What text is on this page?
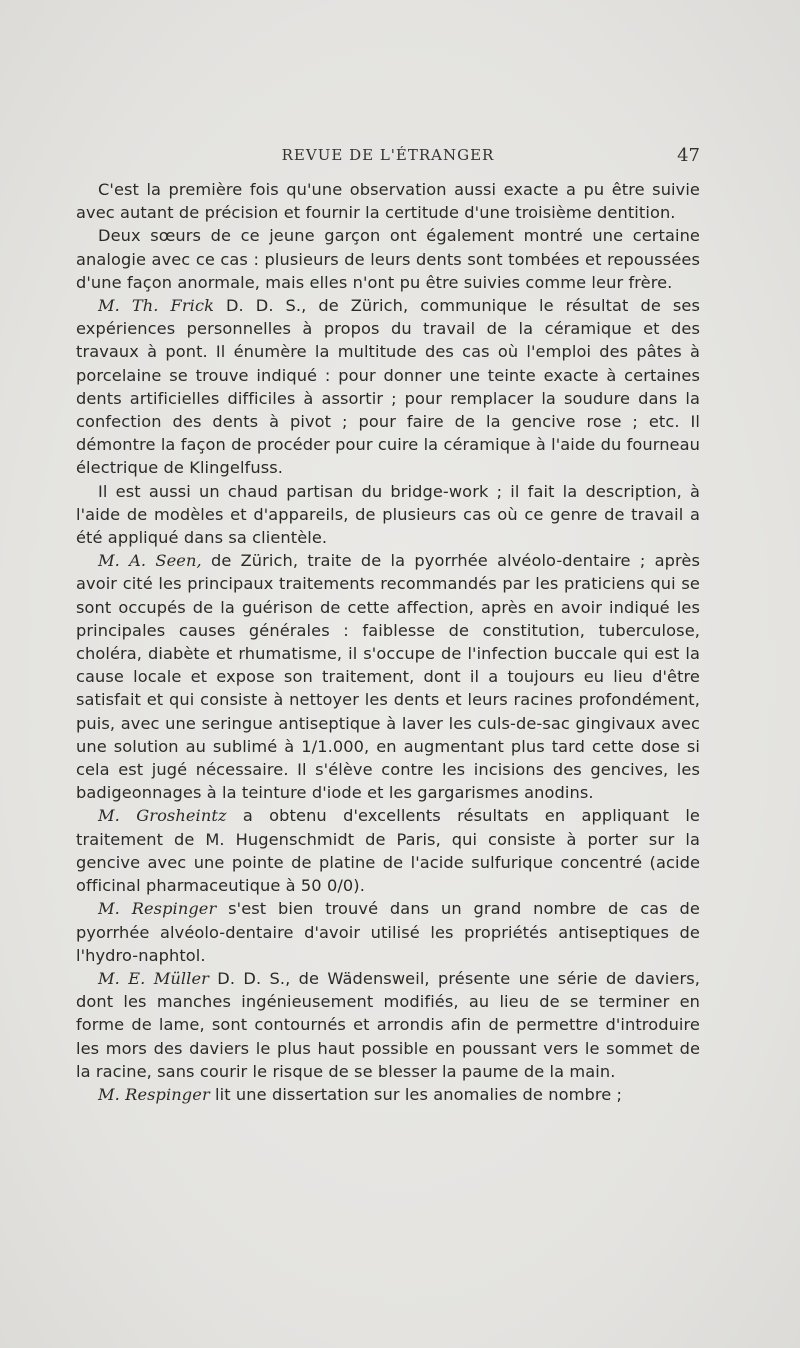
REVUE DE L'ÉTRANGER	47

C'est la première fois qu'une observation aussi exacte a pu être suivie avec autant de précision et fournir la certitude d'une troisième dentition.

Deux sœurs de ce jeune garçon ont également montré une certaine analogie avec ce cas : plusieurs de leurs dents sont tombées et repoussées d'une façon anormale, mais elles n'ont pu être suivies comme leur frère.

M. Th. Frick D. D. S., de Zürich, communique le résultat de ses expériences personnelles à propos du travail de la céramique et des travaux à pont. Il énumère la multitude des cas où l'emploi des pâtes à porcelaine se trouve indiqué : pour donner une teinte exacte à certaines dents artificielles difficiles à assortir ; pour remplacer la soudure dans la confection des dents à pivot ; pour faire de la gencive rose ; etc. Il démontre la façon de procéder pour cuire la céramique à l'aide du fourneau électrique de Klingelfuss.

Il est aussi un chaud partisan du bridge-work ; il fait la description, à l'aide de modèles et d'appareils, de plusieurs cas où ce genre de travail a été appliqué dans sa clientèle.

M. A. Seen, de Zürich, traite de la pyorrhée alvéolo-dentaire ; après avoir cité les principaux traitements recommandés par les praticiens qui se sont occupés de la guérison de cette affection, après en avoir indiqué les principales causes générales : faiblesse de constitution, tuberculose, choléra, diabète et rhumatisme, il s'occupe de l'infection buccale qui est la cause locale et expose son traitement, dont il a toujours eu lieu d'être satisfait et qui consiste à nettoyer les dents et leurs racines profondément, puis, avec une seringue antiseptique à laver les culs-de-sac gingivaux avec une solution au sublimé à 1/1.000, en augmentant plus tard cette dose si cela est jugé nécessaire. Il s'élève contre les incisions des gencives, les badigeonnages à la teinture d'iode et les gargarismes anodins.

M. Grosheintz a obtenu d'excellents résultats en appliquant le traitement de M. Hugenschmidt de Paris, qui consiste à porter sur la gencive avec une pointe de platine de l'acide sulfurique concentré (acide officinal pharmaceutique à 50 0/0).

M. Respinger s'est bien trouvé dans un grand nombre de cas de pyorrhée alvéolo-dentaire d'avoir utilisé les propriétés antiseptiques de l'hydro-naphtol.

M. E. Müller D. D. S., de Wädensweil, présente une série de daviers, dont les manches ingénieusement modifiés, au lieu de se terminer en forme de lame, sont contournés et arrondis afin de permettre d'introduire les mors des daviers le plus haut possible en poussant vers le sommet de la racine, sans courir le risque de se blesser la paume de la main.

M. Respinger lit une dissertation sur les anomalies de nombre ;
